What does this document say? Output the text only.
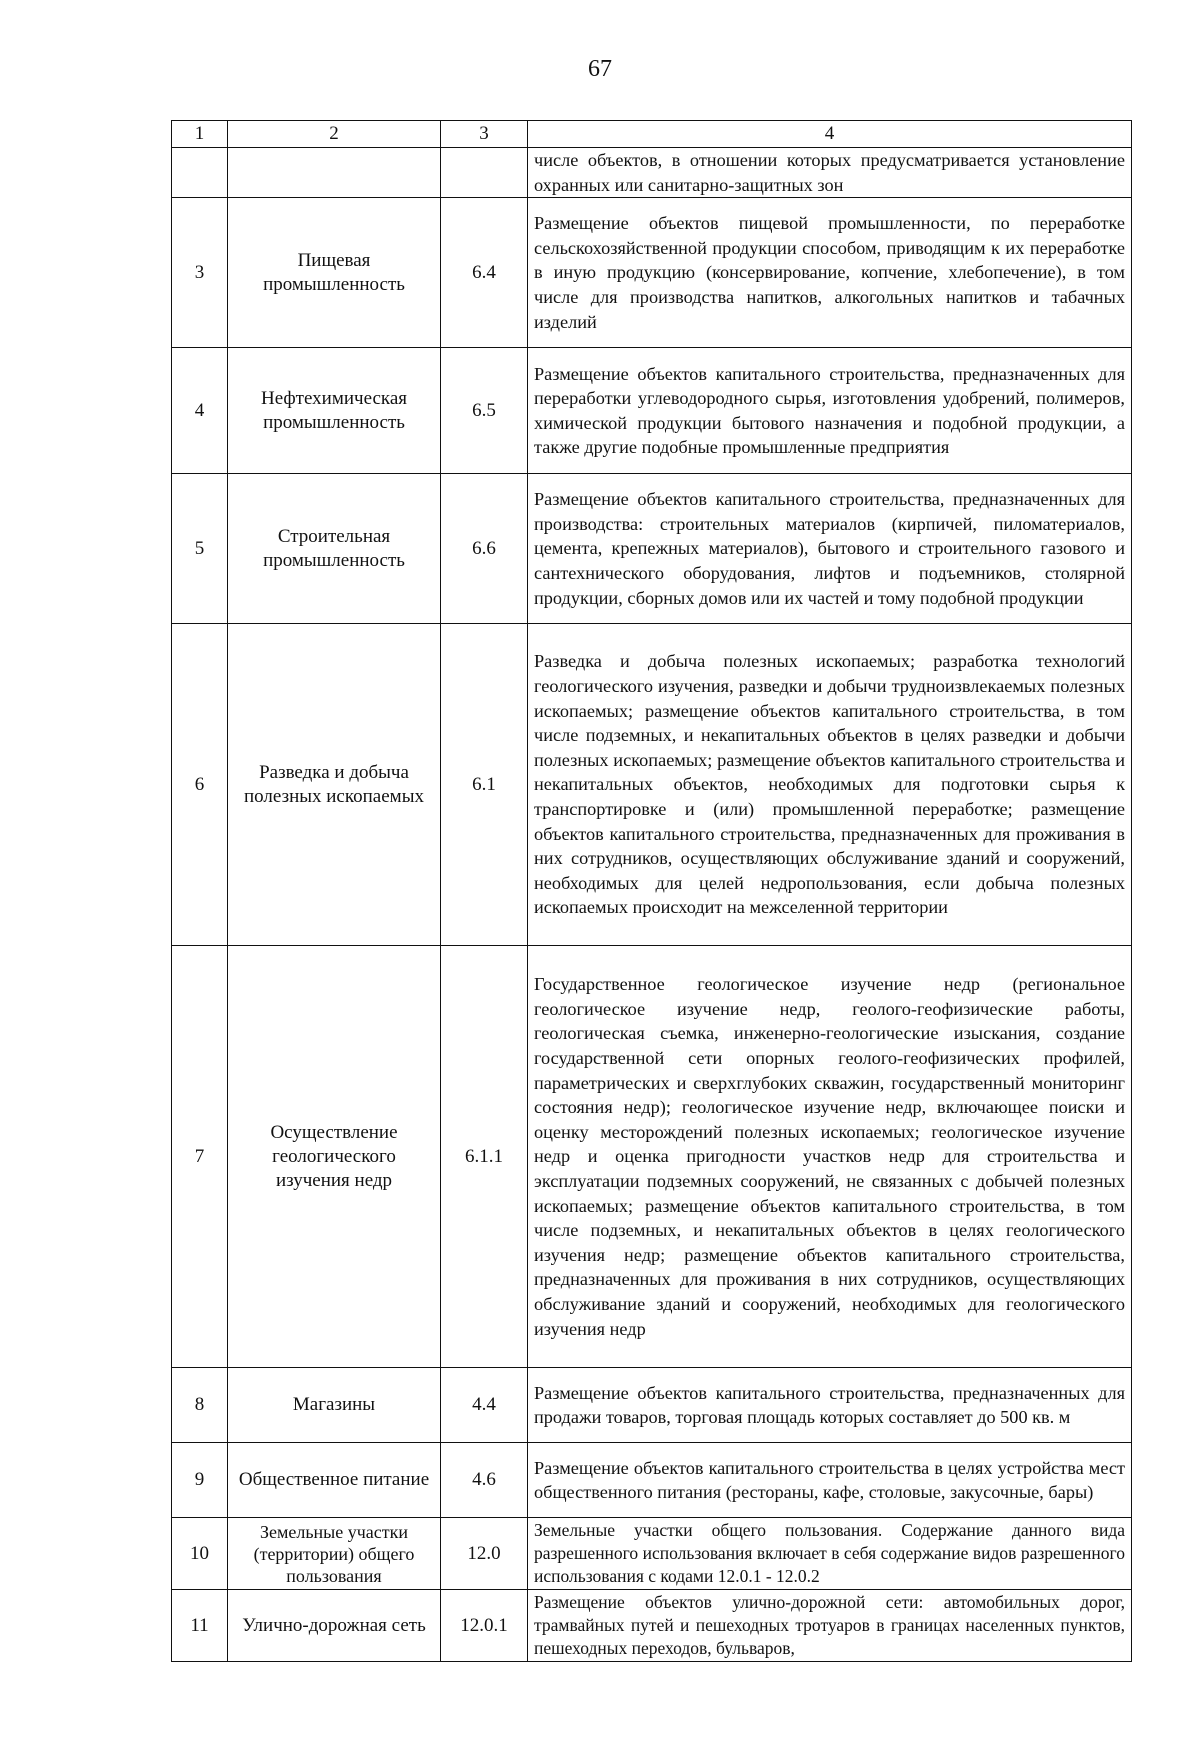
67
1	2	3	4
			числе объектов, в отношении которых предусматривается установление охранных или санитарно-защитных зон
3	Пищевая промышленность	6.4	Размещение объектов пищевой промышленности, по переработке сельскохозяйственной продукции способом, приводящим к их переработке в иную продукцию (консервирование, копчение, хлебопечение), в том числе для производства напитков, алкогольных напитков и табачных изделий
4	Нефтехимическая промышленность	6.5	Размещение объектов капитального строительства, предназначенных для переработки углеводородного сырья, изготовления удобрений, полимеров, химической продукции бытового назначения и подобной продукции, а также другие подобные промышленные предприятия
5	Строительная промышленность	6.6	Размещение объектов капитального строительства, предназначенных для производства: строительных материалов (кирпичей, пиломатериалов, цемента, крепежных материалов), бытового и строительного газового и сантехнического оборудования, лифтов и подъемников, столярной продукции, сборных домов или их частей и тому подобной продукции
6	Разведка и добыча полезных ископаемых	6.1	Разведка и добыча полезных ископаемых; разработка технологий геологического изучения, разведки и добычи трудноизвлекаемых полезных ископаемых; размещение объектов капитального строительства, в том числе подземных, и некапитальных объектов в целях разведки и добычи полезных ископаемых; размещение объектов капитального строительства и некапитальных объектов, необходимых для подготовки сырья к транспортировке и (или) промышленной переработке; размещение объектов капитального строительства, предназначенных для проживания в них сотрудников, осуществляющих обслуживание зданий и сооружений, необходимых для целей недропользования, если добыча полезных ископаемых происходит на межселенной территории
7	Осуществление геологического изучения недр	6.1.1	Государственное геологическое изучение недр (региональное геологическое изучение недр, геолого-геофизические работы, геологическая съемка, инженерно-геологические изыскания, создание государственной сети опорных геолого-геофизических профилей, параметрических и сверхглубоких скважин, государственный мониторинг состояния недр); геологическое изучение недр, включающее поиски и оценку месторождений полезных ископаемых; геологическое изучение недр и оценка пригодности участков недр для строительства и эксплуатации подземных сооружений, не связанных с добычей полезных ископаемых; размещение объектов капитального строительства, в том числе подземных, и некапитальных объектов в целях геологического изучения недр; размещение объектов капитального строительства, предназначенных для проживания в них сотрудников, осуществляющих обслуживание зданий и сооружений, необходимых для геологического изучения недр
8	Магазины	4.4	Размещение объектов капитального строительства, предназначенных для продажи товаров, торговая площадь которых составляет до 500 кв. м
9	Общественное питание	4.6	Размещение объектов капитального строительства в целях устройства мест общественного питания (рестораны, кафе, столовые, закусочные, бары)
10	Земельные участки (территории) общего пользования	12.0	Земельные участки общего пользования. Содержание данного вида разрешенного использования включает в себя содержание видов разрешенного использования с кодами 12.0.1 - 12.0.2
11	Улично-дорожная сеть	12.0.1	Размещение объектов улично-дорожной сети: автомобильных дорог, трамвайных путей и пешеходных тротуаров в границах населенных пунктов, пешеходных переходов, бульваров,
